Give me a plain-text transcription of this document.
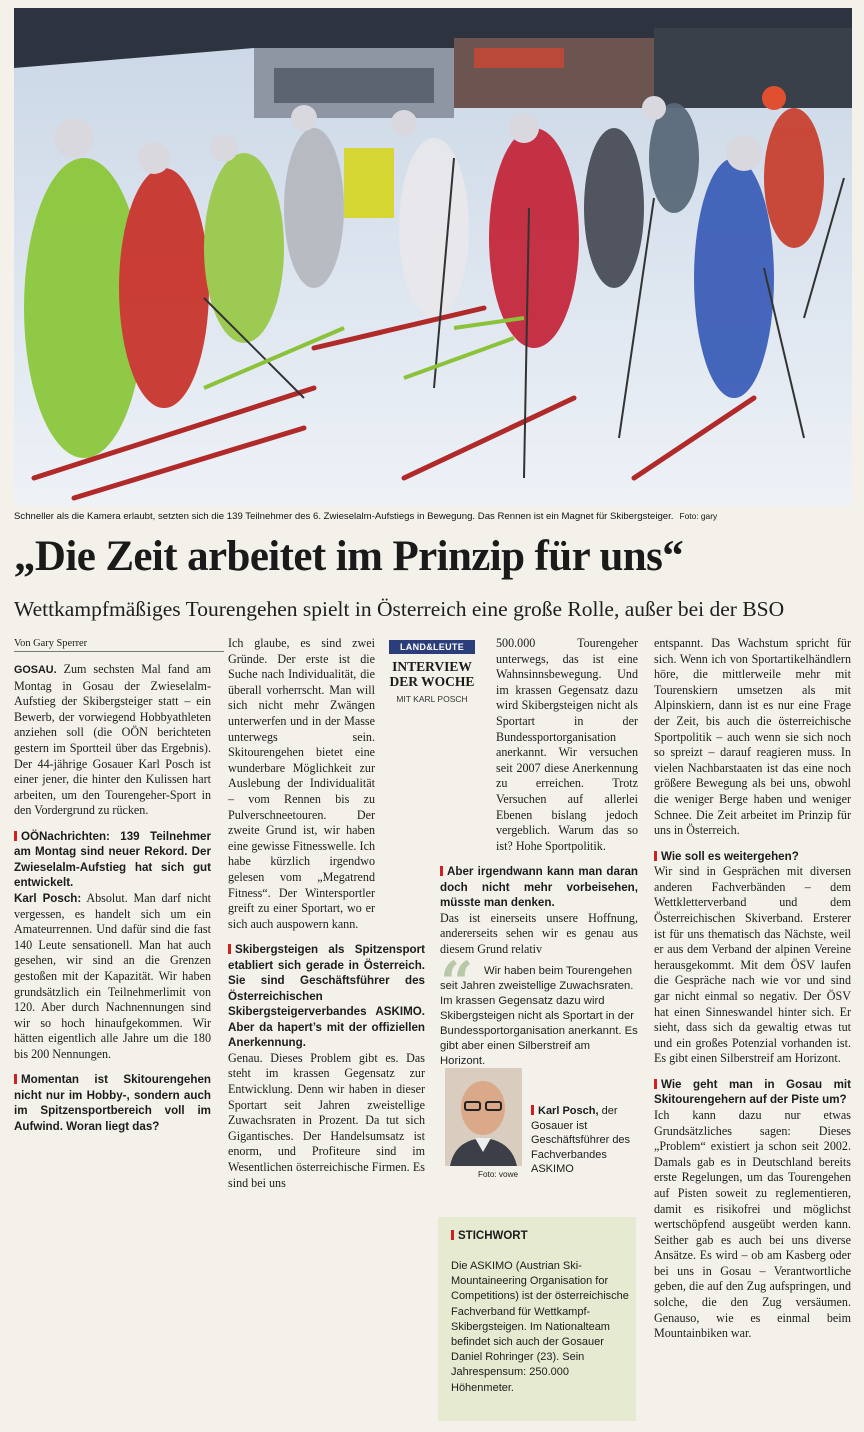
Schneller als die Kamera erlaubt, setzten sich die 139 Teilnehmer des 6. Zwieselalm-Aufstiegs in Bewegung. Das Rennen ist ein Magnet für Skibergsteiger. Foto: gary
„Die Zeit arbeitet im Prinzip für uns“
Wettkampfmäßiges Tourengehen spielt in Österreich eine große Rolle, außer bei der BSO
Von Gary Sperrer

GOSAU. Zum sechsten Mal fand am Montag in Gosau der Zwieselalm-Aufstieg der Skibergsteiger statt – ein Bewerb, der vorwiegend Hobbyathleten anziehen soll (die OÖN berichteten gestern im Sportteil über das Ergebnis). Der 44-jährige Gosauer Karl Posch ist einer jener, die hinter den Kulissen hart arbeiten, um den Tourengeher-Sport in den Vordergrund zu rücken.

OÖNachrichten: 139 Teilnehmer am Montag sind neuer Rekord. Der Zwieselalm-Aufstieg hat sich gut entwickelt.

Karl Posch: Absolut. Man darf nicht vergessen, es handelt sich um ein Amateurrennen. Und dafür sind die fast 140 Leute sensationell. Man hat auch gesehen, wir sind an die Grenzen gestoßen mit der Kapazität. Wir haben grundsätzlich ein Teilnehmerlimit von 120. Aber durch Nachnennungen sind wir so hoch hinaufgekommen. Wir hätten eigentlich alle Jahre um die 180 bis 200 Nennungen.

Momentan ist Skitourengehen nicht nur im Hobby-, sondern auch im Spitzensportbereich voll im Aufwind. Woran liegt das?

Ich glaube, es sind zwei Gründe. Der erste ist die Suche nach Individualität, die überall vorherrscht. Man will sich nicht mehr Zwängen unterwerfen und in der Masse unterwegs sein. Skitourengehen bietet eine wunderbare Möglichkeit zur Auslebung der Individualität – vom Rennen bis zu Pulverschneetouren. Der zweite Grund ist, wir haben eine gewisse Fitnesswelle. Ich habe kürzlich irgendwo gelesen vom „Megatrend Fitness“. Der Wintersportler greift zu einer Sportart, wo er sich auch auspowern kann.

Skibergsteigen als Spitzensport etabliert sich gerade in Österreich. Sie sind Geschäftsführer des Österreichischen Skibergsteigerverbandes ASKIMO. Aber da hapert’s mit der offiziellen Anerkennung.

Genau. Dieses Problem gibt es. Das steht im krassen Gegensatz zur Entwicklung. Denn wir haben in dieser Sportart seit Jahren zweistellige Zuwachsraten in Prozent. Da tut sich Gigantisches. Der Handelsumsatz ist enorm, und Profiteure sind im Wesentlichen österreichische Firmen. Es sind bei uns

LAND&LEUTE
INTERVIEW DER WOCHE
MIT KARL POSCH

500.000 Tourengeher unterwegs, das ist eine Wahnsinnsbewegung. Und im krassen Gegensatz dazu wird Skibergsteigen nicht als Sportart in der Bundessportorganisation anerkannt. Wir versuchen seit 2007 diese Anerkennung zu erreichen. Trotz Versuchen auf allerlei Ebenen bislang jedoch vergeblich. Warum das so ist? Hohe Sportpolitik.

Aber irgendwann kann man daran doch nicht mehr vorbeisehen, müsste man denken.

Das ist einerseits unsere Hoffnung, andererseits sehen wir es genau aus diesem Grund relativ

“ Wir haben beim Tourengehen seit Jahren zweistellige Zuwachsraten. Im krassen Gegensatz dazu wird Skibergsteigen nicht als Sportart in der Bundessportorganisation anerkannt. Es gibt aber einen Silberstreif am Horizont.
Foto: vowe
Karl Posch, der Gosauer ist Geschäftsführer des Fachverbandes ASKIMO
STICHWORT
Die ASKIMO (Austrian Ski-Mountaineering Organisation for Competitions) ist der österreichische Fachverband für Wettkampf-Skibergsteigen. Im Nationalteam befindet sich auch der Gosauer Daniel Rohringer (23). Sein Jahrespensum: 250.000 Höhenmeter.

entspannt. Das Wachstum spricht für sich. Wenn ich von Sportartikelhändlern höre, die mittlerweile mehr mit Tourenskiern umsetzen als mit Alpinskiern, dann ist es nur eine Frage der Zeit, bis auch die österreichische Sportpolitik – auch wenn sie sich noch so spreizt – darauf reagieren muss. In vielen Nachbarstaaten ist das eine noch größere Bewegung als bei uns, obwohl die weniger Berge haben und weniger Schnee. Die Zeit arbeitet im Prinzip für uns in Österreich.

Wie soll es weitergehen?

Wir sind in Gesprächen mit diversen anderen Fachverbänden – dem Wettkletterverband und dem Österreichischen Skiverband. Ersterer ist für uns thematisch das Nächste, weil er aus dem Verband der alpinen Vereine herausgekommt. Mit dem ÖSV laufen die Gespräche nach wie vor und sind gar nicht einmal so negativ. Der ÖSV hat einen Sinneswandel hinter sich. Er sieht, dass sich da gewaltig etwas tut und ein großes Potenzial vorhanden ist. Es gibt einen Silberstreif am Horizont.

Wie geht man in Gosau mit Skitourengehern auf der Piste um?

Ich kann dazu nur etwas Grundsätzliches sagen: Dieses „Problem“ existiert ja schon seit 2002. Damals gab es in Deutschland bereits erste Regelungen, um das Tourengehen auf Pisten soweit zu reglementieren, damit es risikofrei und möglichst wertschöpfend ausgeübt werden kann. Seither gab es auch bei uns diverse Ansätze. Es wird – ob am Kasberg oder bei uns in Gosau – Verantwortliche geben, die auf den Zug aufspringen, und solche, die den Zug versäumen. Genauso, wie es einmal beim Mountainbiken war.
